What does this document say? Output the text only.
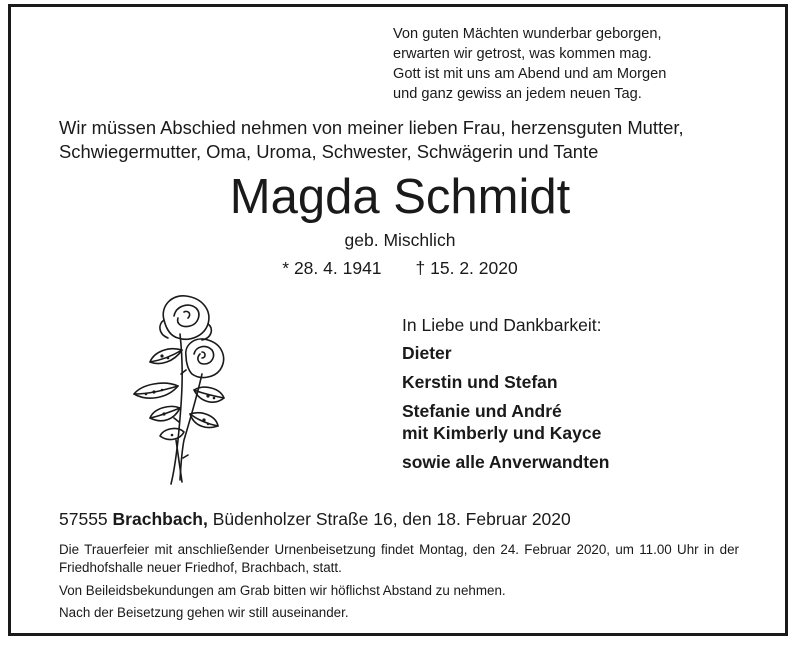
Von guten Mächten wunderbar geborgen,
erwarten wir getrost, was kommen mag.
Gott ist mit uns am Abend und am Morgen
und ganz gewiss an jedem neuen Tag.
Wir müssen Abschied nehmen von meiner lieben Frau, herzensguten Mutter,
Schwiegermutter, Oma, Uroma, Schwester, Schwägerin und Tante
Magda Schmidt
geb. Mischlich
* 28. 4. 1941 † 15. 2. 2020
In Liebe und Dankbarkeit:
Dieter
Kerstin und Stefan
Stefanie und André
mit Kimberly und Kayce
sowie alle Anverwandten
57555 Brachbach, Büdenholzer Straße 16, den 18. Februar 2020
Die Trauerfeier mit anschließender Urnenbeisetzung findet Montag, den 24. Februar 2020, um 11.00 Uhr in der Friedhofshalle neuer Friedhof, Brachbach, statt.
Von Beileidsbekundungen am Grab bitten wir höflichst Abstand zu nehmen.
Nach der Beisetzung gehen wir still auseinander.
